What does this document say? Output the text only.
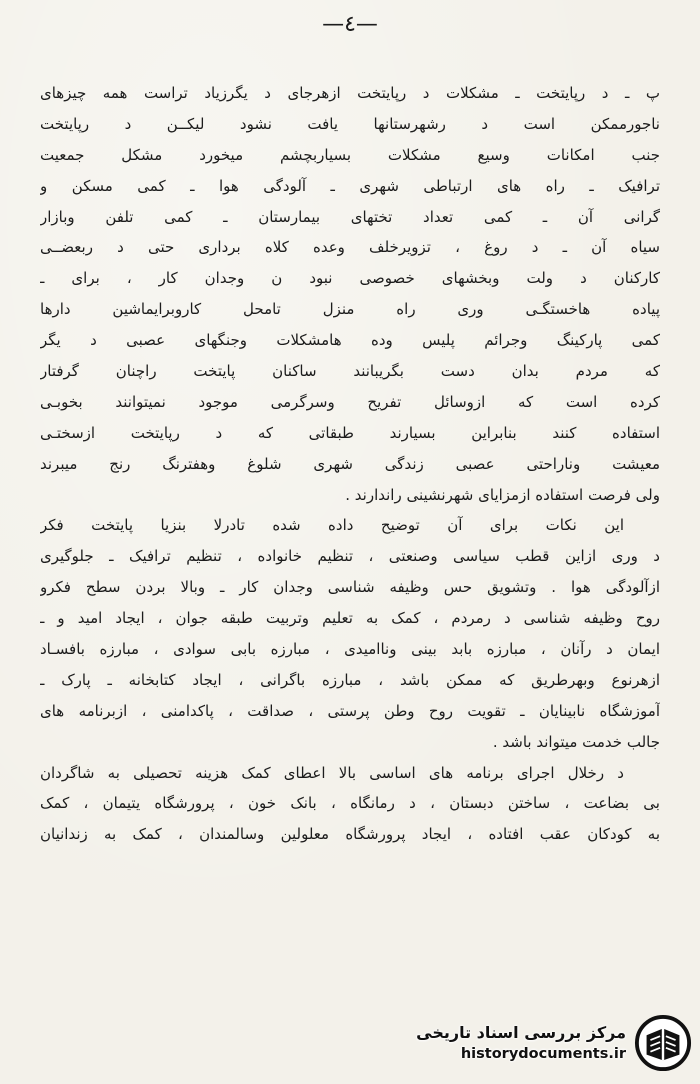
—٤—
پ ـ د رپایتخت ـ مشکلات د رپایتخت ازهرجای د یگرزیاد تراست همه چیزهای
ناجورممکن است د رشهرستانها یافت نشود لیکــن د رپایتخت
جنب امکانات وسیع مشکلات بسیاربچشم میخورد مشکل جمعیت
ترافیک ـ راه های ارتباطی شهری ـ آلودگی هوا ـ کمی مسکن و
گرانی آن ـ کمی تعداد تختهای بیمارستان ـ کمی تلفن وبازار
سیاه آن ـ د روغ ، تزویرخلف وعده کلاه برداری حتی د ربعضــی
کارکنان د ولت وبخشهای خصوصی نبود ن وجدان کار ، برای ـ
پیاده هاخستگـی وری راه منزل تامحل کاروبرایماشین دارها
کمی پارکینگ وجرائم پلیس وده هامشکلات وجنگهای عصبی د یگر
که مردم بدان دست بگریبانند ساکنان پایتخت راچنان گرفتار
کرده است که ازوسائل تفریح وسرگرمی موجود نمیتوانند بخوبـی
استفاده کنند بنابراین بسیارند طبقاتی که د رپایتخت ازسختـی
معیشت وناراحتی عصبی زندگی شهری شلوغ وهفترنگ رنج میبرند
ولی فرصت استفاده ازمزایای شهرنشینی راندارند .
این نکات برای آن توضیح داده شده تادرلا بنزیا پایتخت فکر
د وری ازاین قطب سیاسی وصنعتی ، تنظیم خانواده ، تنظیم ترافیک ـ جلوگیری
ازآلودگی هوا . وتشویق حس وظیفه شناسی وجدان کار ـ وبالا بردن سطح فکرو
روح وظیفه شناسی د رمردم ، کمک به تعلیم وتربیت طبقه جوان ، ایجاد امید و ـ
ایمان د رآنان ، مبارزه بابد بینی وناامیدی ، مبارزه بابی سوادی ، مبارزه بافسـاد
ازهرنوع وبهرطریق که ممکن باشد ، مبارزه باگرانی ، ایجاد کتابخانه ـ پارک ـ
آموزشگاه نابینایان ـ تقویت روح وطن پرستی ، صداقت ، پاکدامنی ، ازبرنامه های
جالب خدمت میتواند باشد .
د رخلال اجرای برنامه های اساسی بالا اعطای کمک هزینه تحصیلی به شاگردان
بی بضاعت ، ساختن دبستان ، د رمانگاه ، بانک خون ، پرورشگاه یتیمان ، کمک
به کودکان عقب افتاده ، ایجاد پرورشگاه معلولین وسالمندان ، کمک به زندانیان
مرکز بررسی اسناد تاریخی
historydocuments.ir
